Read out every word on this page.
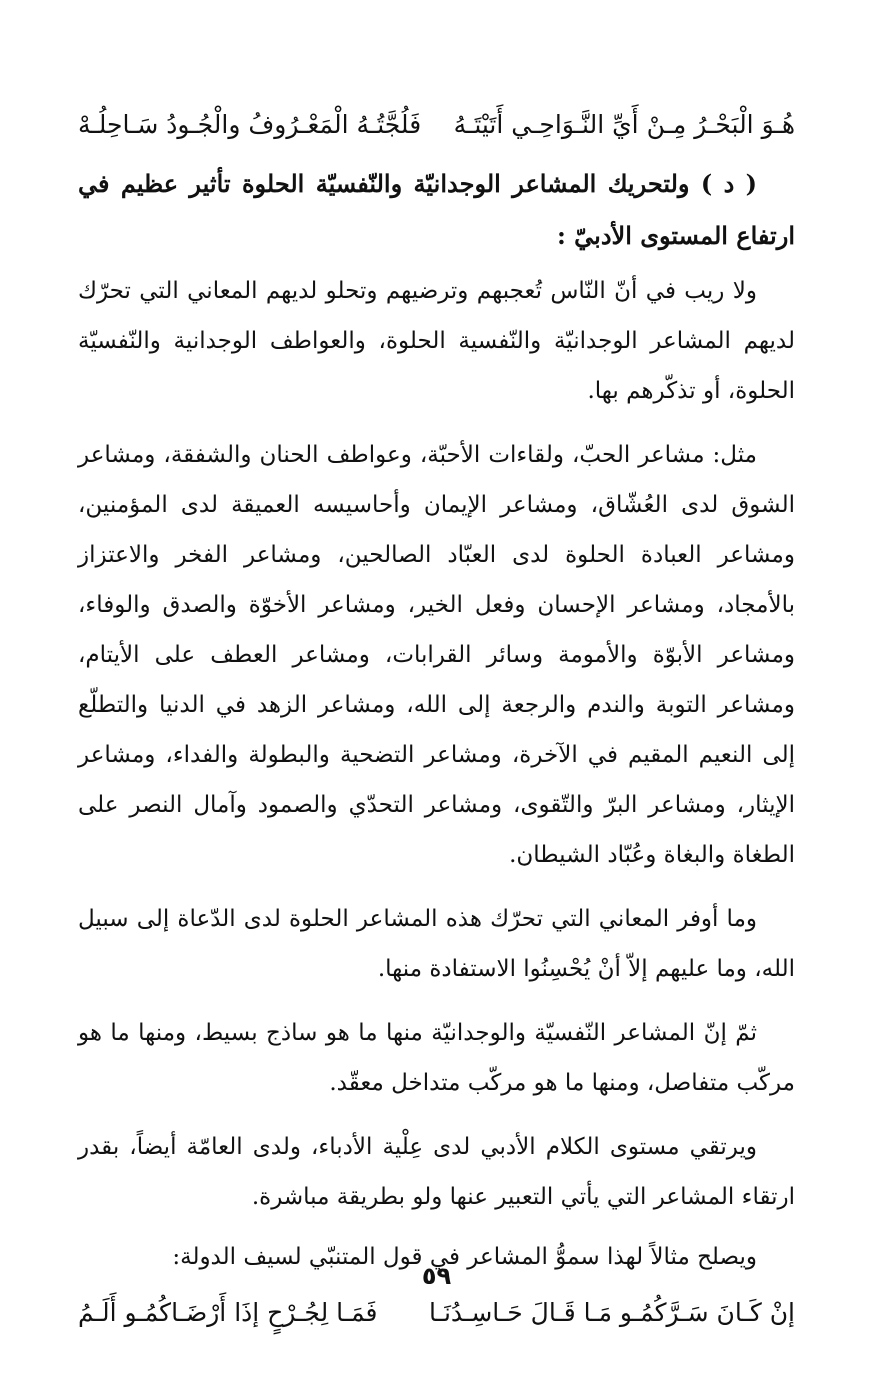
هُـوَ الْبَحْـرُ مِـنْ أَيِّ النَّـوَاحِـي أَتَيْتَـهُ
فَلُجَّتُـهُ الْمَعْـرُوفُ والْجُـودُ سَـاحِلُـهْ

( د ) ولتحريك المشاعر الوجدانيّة والنّفسيّة الحلوة تأثير عظيم في ارتفاع المستوى الأدبيّ :

ولا ريب في أنّ النّاس تُعجبهم وترضيهم وتحلو لديهم المعاني التي تحرّك لديهم المشاعر الوجدانيّة والنّفسية الحلوة، والعواطف الوجدانية والنّفسيّة الحلوة، أو تذكّرهم بها.

مثل: مشاعر الحبّ، ولقاءات الأحبّة، وعواطف الحنان والشفقة، ومشاعر الشوق لدى العُشّاق، ومشاعر الإيمان وأحاسيسه العميقة لدى المؤمنين، ومشاعر العبادة الحلوة لدى العبّاد الصالحين، ومشاعر الفخر والاعتزاز بالأمجاد، ومشاعر الإحسان وفعل الخير، ومشاعر الأخوّة والصدق والوفاء، ومشاعر الأبوّة والأمومة وسائر القرابات، ومشاعر العطف على الأيتام، ومشاعر التوبة والندم والرجعة إلى الله، ومشاعر الزهد في الدنيا والتطلّع إلى النعيم المقيم في الآخرة، ومشاعر التضحية والبطولة والفداء، ومشاعر الإيثار، ومشاعر البرّ والتّقوى، ومشاعر التحدّي والصمود وآمال النصر على الطغاة والبغاة وعُبّاد الشيطان.

وما أوفر المعاني التي تحرّك هذه المشاعر الحلوة لدى الدّعاة إلى سبيل الله، وما عليهم إلاّ أنْ يُحْسِنُوا الاستفادة منها.

ثمّ إنّ المشاعر النّفسيّة والوجدانيّة منها ما هو ساذج بسيط، ومنها ما هو مركّب متفاصل، ومنها ما هو مركّب متداخل معقّد.

ويرتقي مستوى الكلام الأدبي لدى عِلْية الأدباء، ولدى العامّة أيضاً، بقدر ارتقاء المشاعر التي يأتي التعبير عنها ولو بطريقة مباشرة.

ويصلح مثالاً لهذا سموُّ المشاعر في قول المتنبّي لسيف الدولة:

إنْ كَـانَ سَـرَّكُمُـو مَـا قَـالَ حَـاسِـدُنَـا
فَمَـا لِجُـرْحٍ إذَا أَرْضَـاكُمُـو أَلَـمُ
٥٩
